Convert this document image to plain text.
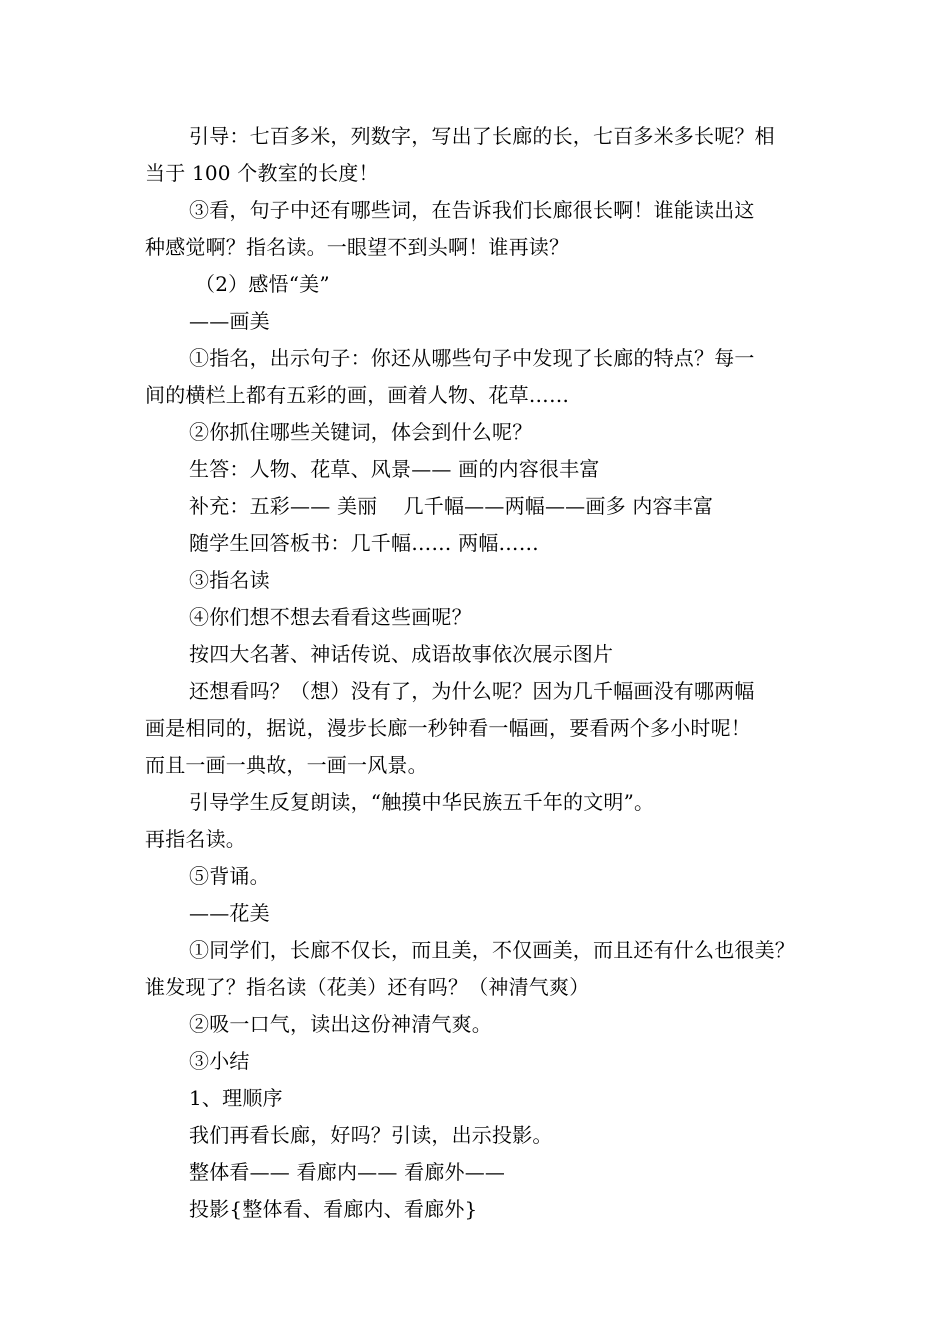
引导：七百多米，列数字，写出了长廊的长，七百多米多长呢？相
当于 100 个教室的长度！
③看，句子中还有哪些词，在告诉我们长廊很长啊！谁能读出这
种感觉啊？指名读。一眼望不到头啊！谁再读？
（2）感悟“美”
——画美
①指名，出示句子：你还从哪些句子中发现了长廊的特点？每一
间的横栏上都有五彩的画，画着人物、花草……
②你抓住哪些关键词，体会到什么呢？
生答：人物、花草、风景—— 画的内容很丰富
补充：五彩—— 美丽    几千幅——两幅——画多 内容丰富
随学生回答板书：几千幅…… 两幅……
③指名读
④你们想不想去看看这些画呢？
按四大名著、神话传说、成语故事依次展示图片
还想看吗？（想）没有了，为什么呢？因为几千幅画没有哪两幅
画是相同的，据说，漫步长廊一秒钟看一幅画，要看两个多小时呢！
而且一画一典故，一画一风景。
引导学生反复朗读，“触摸中华民族五千年的文明”。
再指名读。
⑤背诵。
——花美
①同学们，长廊不仅长，而且美，不仅画美，而且还有什么也很美？
谁发现了？指名读（花美）还有吗？（神清气爽）
②吸一口气，读出这份神清气爽。
③小结
1、理顺序
我们再看长廊，好吗？引读，出示投影。
整体看—— 看廊内—— 看廊外——
投影{整体看、看廊内、看廊外}
